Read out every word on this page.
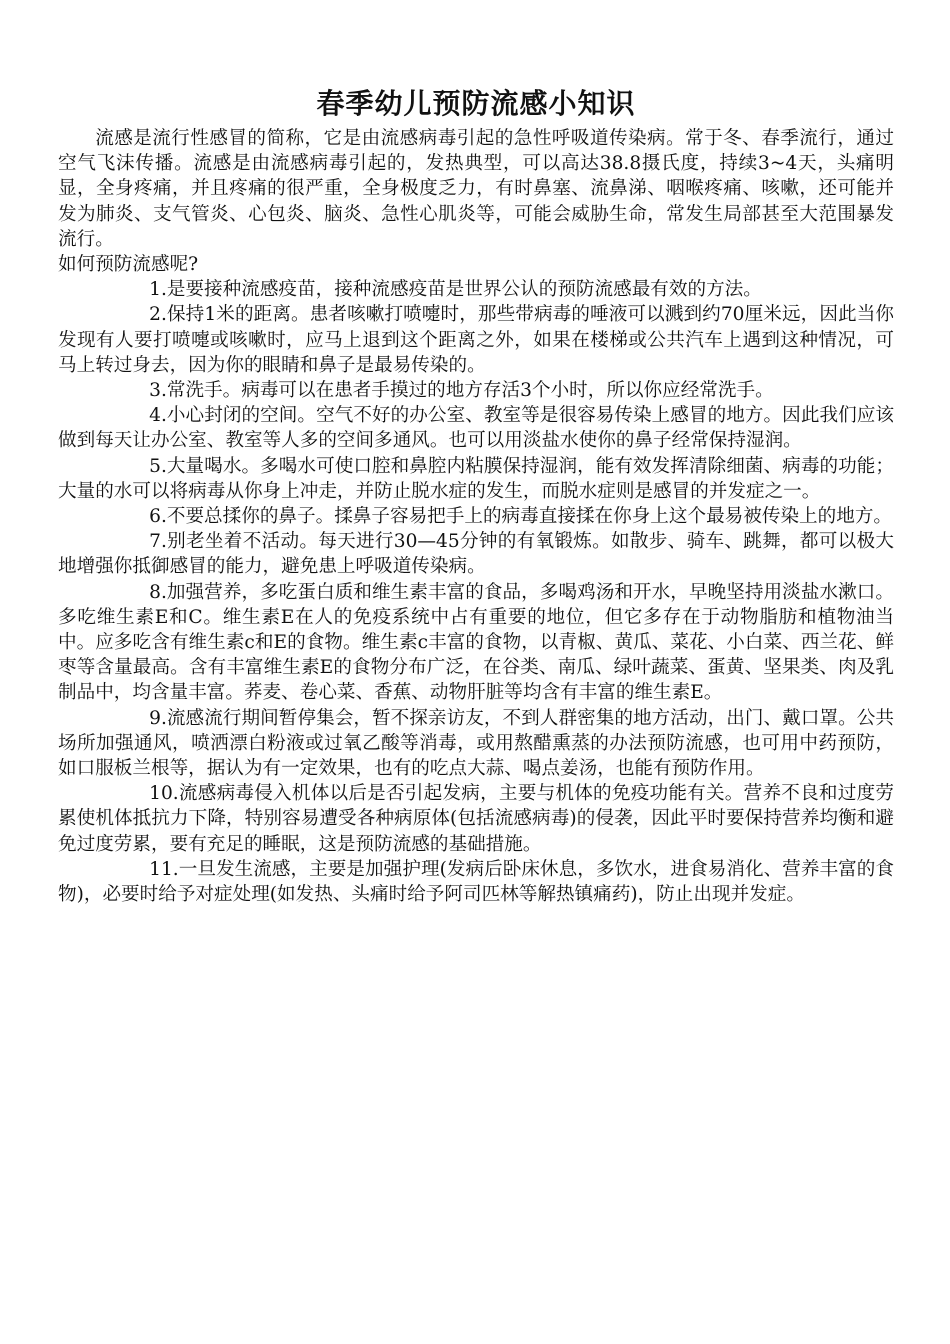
春季幼儿预防流感小知识

流感是流行性感冒的简称，它是由流感病毒引起的急性呼吸道传染病。常于冬、春季流行，通过空气飞沫传播。流感是由流感病毒引起的，发热典型，可以高达38.8摄氏度，持续3~4天，头痛明显，全身疼痛，并且疼痛的很严重，全身极度乏力，有时鼻塞、流鼻涕、咽喉疼痛、咳嗽，还可能并发为肺炎、支气管炎、心包炎、脑炎、急性心肌炎等，可能会威胁生命，常发生局部甚至大范围暴发流行。

如何预防流感呢?

1.是要接种流感疫苗，接种流感疫苗是世界公认的预防流感最有效的方法。

2.保持1米的距离。患者咳嗽打喷嚏时，那些带病毒的唾液可以溅到约70厘米远，因此当你发现有人要打喷嚏或咳嗽时，应马上退到这个距离之外，如果在楼梯或公共汽车上遇到这种情况，可马上转过身去，因为你的眼睛和鼻子是最易传染的。

3.常洗手。病毒可以在患者手摸过的地方存活3个小时，所以你应经常洗手。

4.小心封闭的空间。空气不好的办公室、教室等是很容易传染上感冒的地方。因此我们应该做到每天让办公室、教室等人多的空间多通风。也可以用淡盐水使你的鼻子经常保持湿润。

5.大量喝水。多喝水可使口腔和鼻腔内粘膜保持湿润，能有效发挥清除细菌、病毒的功能；大量的水可以将病毒从你身上冲走，并防止脱水症的发生，而脱水症则是感冒的并发症之一。

6.不要总揉你的鼻子。揉鼻子容易把手上的病毒直接揉在你身上这个最易被传染上的地方。

7.别老坐着不活动。每天进行30—45分钟的有氧锻炼。如散步、骑车、跳舞，都可以极大地增强你抵御感冒的能力，避免患上呼吸道传染病。

8.加强营养，多吃蛋白质和维生素丰富的食品，多喝鸡汤和开水，早晚坚持用淡盐水漱口。多吃维生素E和C。维生素E在人的免疫系统中占有重要的地位，但它多存在于动物脂肪和植物油当中。应多吃含有维生素c和E的食物。维生素c丰富的食物，以青椒、黄瓜、菜花、小白菜、西兰花、鲜枣等含量最高。含有丰富维生素E的食物分布广泛，在谷类、南瓜、绿叶蔬菜、蛋黄、坚果类、肉及乳制品中，均含量丰富。荞麦、卷心菜、香蕉、动物肝脏等均含有丰富的维生素E。

9.流感流行期间暂停集会，暂不探亲访友，不到人群密集的地方活动，出门、戴口罩。公共场所加强通风，喷洒漂白粉液或过氧乙酸等消毒，或用熬醋熏蒸的办法预防流感，也可用中药预防，如口服板兰根等，据认为有一定效果，也有的吃点大蒜、喝点姜汤，也能有预防作用。

10.流感病毒侵入机体以后是否引起发病，主要与机体的免疫功能有关。营养不良和过度劳累使机体抵抗力下降，特别容易遭受各种病原体(包括流感病毒)的侵袭，因此平时要保持营养均衡和避免过度劳累，要有充足的睡眠，这是预防流感的基础措施。

11.一旦发生流感，主要是加强护理(发病后卧床休息，多饮水，进食易消化、营养丰富的食物)，必要时给予对症处理(如发热、头痛时给予阿司匹林等解热镇痛药)，防止出现并发症。
